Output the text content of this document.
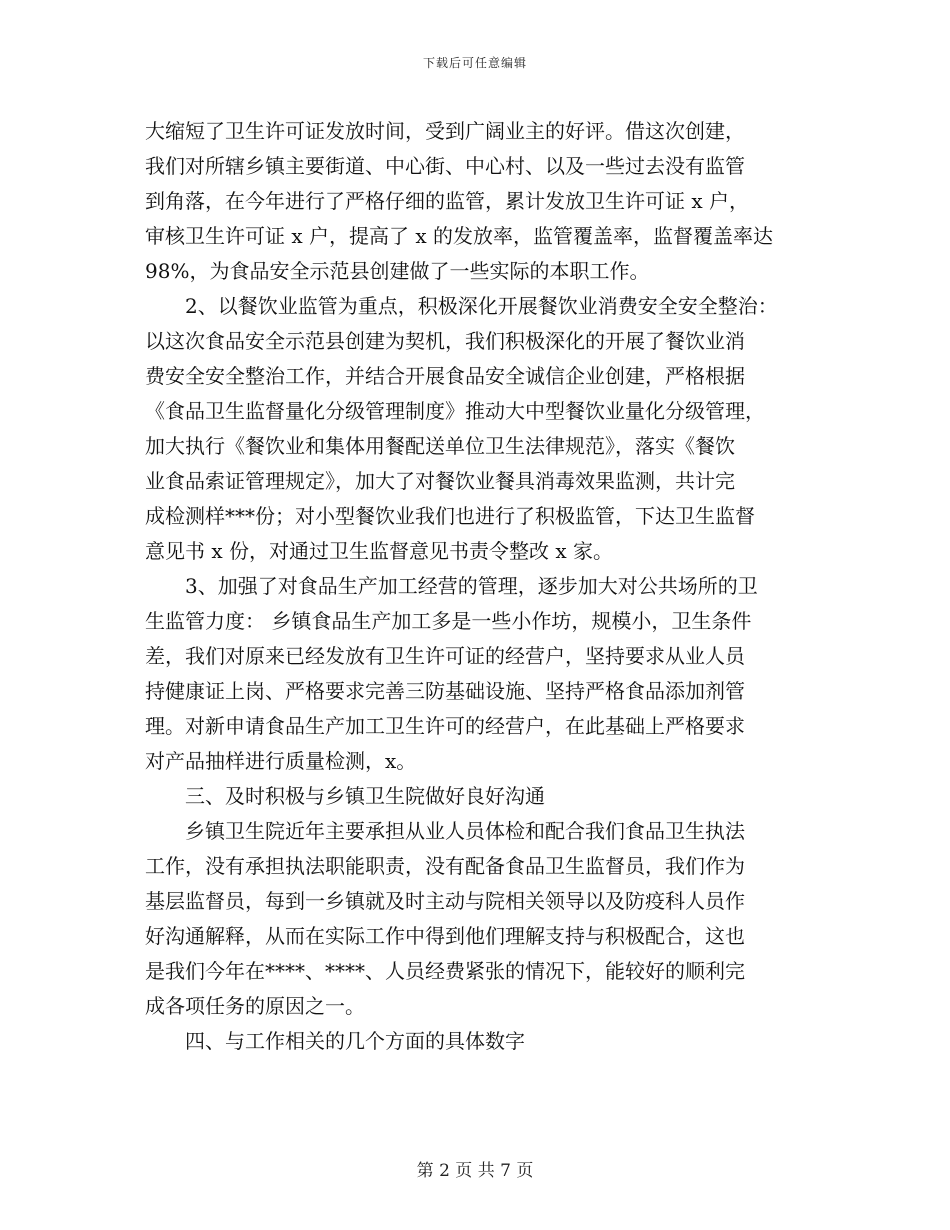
下载后可任意编辑
大缩短了卫生许可证发放时间，受到广阔业主的好评。借这次创建，
我们对所辖乡镇主要街道、中心街、中心村、以及一些过去没有监管
到角落，在今年进行了严格仔细的监管，累计发放卫生许可证 x 户，
审核卫生许可证 x 户，提高了 x 的发放率，监管覆盖率，监督覆盖率达
98%，为食品安全示范县创建做了一些实际的本职工作。
2、以餐饮业监管为重点，积极深化开展餐饮业消费安全安全整治：
以这次食品安全示范县创建为契机，我们积极深化的开展了餐饮业消
费安全安全整治工作，并结合开展食品安全诚信企业创建，严格根据
《食品卫生监督量化分级管理制度》推动大中型餐饮业量化分级管理，
加大执行《餐饮业和集体用餐配送单位卫生法律规范》，落实《餐饮
业食品索证管理规定》，加大了对餐饮业餐具消毒效果监测，共计完
成检测样***份；对小型餐饮业我们也进行了积极监管，下达卫生监督
意见书 x 份，对通过卫生监督意见书责令整改 x 家。
3、加强了对食品生产加工经营的管理，逐步加大对公共场所的卫
生监管力度： 乡镇食品生产加工多是一些小作坊，规模小，卫生条件
差，我们对原来已经发放有卫生许可证的经营户，坚持要求从业人员
持健康证上岗、严格要求完善三防基础设施、坚持严格食品添加剂管
理。对新申请食品生产加工卫生许可的经营户，在此基础上严格要求
对产品抽样进行质量检测，x。
三、及时积极与乡镇卫生院做好良好沟通
乡镇卫生院近年主要承担从业人员体检和配合我们食品卫生执法
工作，没有承担执法职能职责，没有配备食品卫生监督员，我们作为
基层监督员，每到一乡镇就及时主动与院相关领导以及防疫科人员作
好沟通解释，从而在实际工作中得到他们理解支持与积极配合，这也
是我们今年在****、****、人员经费紧张的情况下，能较好的顺利完
成各项任务的原因之一。
四、与工作相关的几个方面的具体数字
第 2 页 共 7 页
